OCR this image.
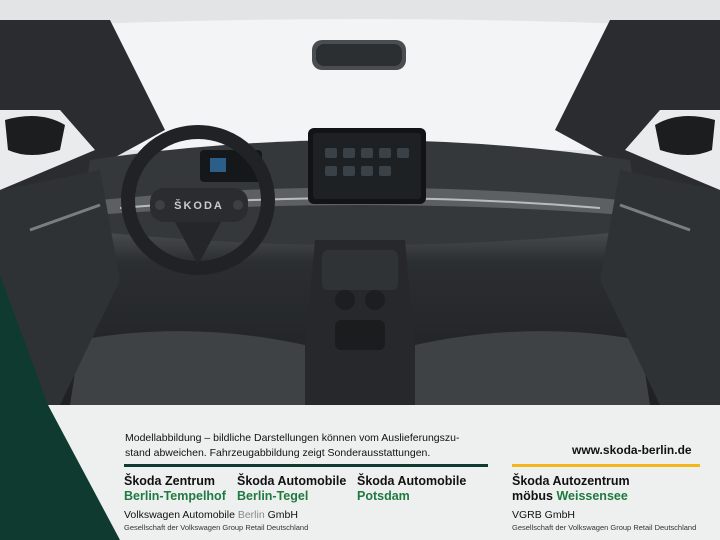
ŠKODA
Modellabbildung – bildliche Darstellungen können vom Auslieferungszu-
stand abweichen. Fahrzeugabbildung zeigt Sonderausstattungen.	www.skoda-berlin.de
Škoda Zentrum
Berlin-Tempelhof
Škoda Automobile
Berlin-Tegel
Škoda Automobile
Potsdam
Škoda Autozentrum
möbus Weissensee
Volkswagen Automobile Berlin GmbH
Gesellschaft der Volkswagen Group Retail Deutschland
VGRB GmbH
Gesellschaft der Volkswagen Group Retail Deutschland
